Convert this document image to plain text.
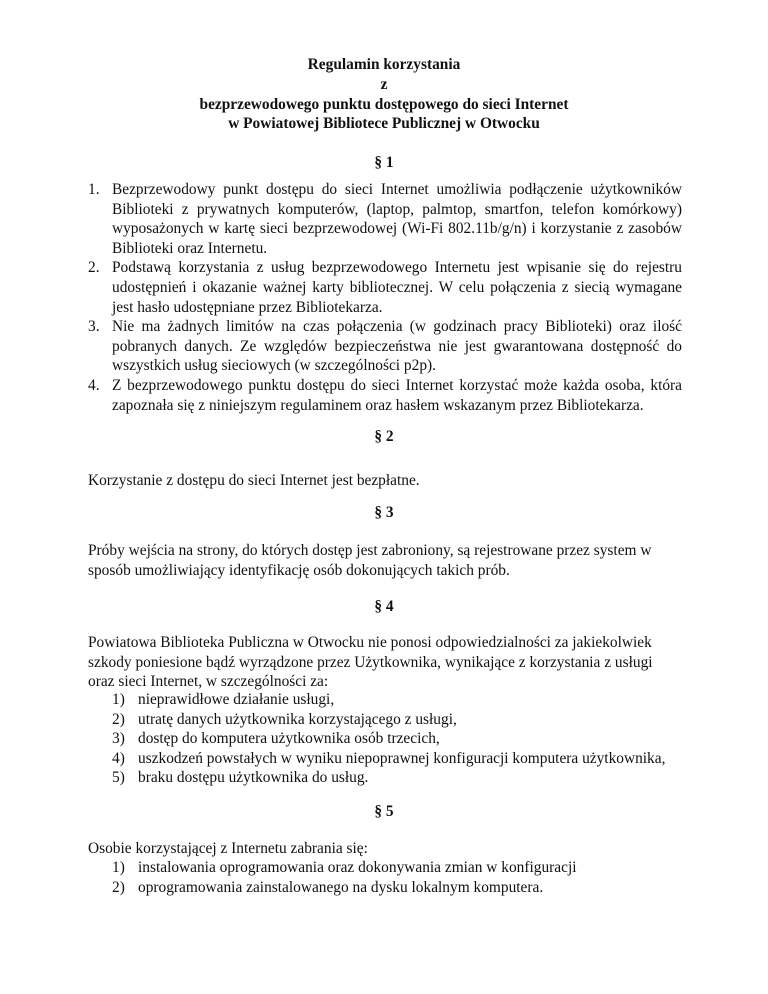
Regulamin korzystania
z
bezprzewodowego punktu dostępowego do sieci Internet
w Powiatowej Bibliotece Publicznej w Otwocku
§ 1
1. Bezprzewodowy punkt dostępu do sieci Internet umożliwia podłączenie użytkowników Biblioteki z prywatnych komputerów, (laptop, palmtop, smartfon, telefon komórkowy) wyposażonych w kartę sieci bezprzewodowej (Wi-Fi 802.11b/g/n) i korzystanie z zasobów Biblioteki oraz Internetu.
2. Podstawą korzystania z usług bezprzewodowego Internetu jest wpisanie się do rejestru udostępnień i okazanie ważnej karty bibliotecznej. W celu połączenia z siecią wymagane jest hasło udostępniane przez Bibliotekarza.
3. Nie ma żadnych limitów na czas połączenia (w godzinach pracy Biblioteki) oraz ilość pobranych danych. Ze względów bezpieczeństwa nie jest gwarantowana dostępność do wszystkich usług sieciowych (w szczególności p2p).
4. Z bezprzewodowego punktu dostępu do sieci Internet korzystać może każda osoba, która zapoznała się z niniejszym regulaminem oraz hasłem wskazanym przez Bibliotekarza.
§ 2
Korzystanie z dostępu do sieci Internet jest bezpłatne.
§ 3
Próby wejścia na strony, do których dostęp jest zabroniony, są rejestrowane przez system w sposób umożliwiający identyfikację osób dokonujących takich prób.
§ 4
Powiatowa Biblioteka Publiczna w Otwocku nie ponosi odpowiedzialności za jakiekolwiek szkody poniesione bądź wyrządzone przez Użytkownika, wynikające z korzystania z usługi oraz sieci Internet, w szczególności za:
1) nieprawidłowe działanie usługi,
2) utratę danych użytkownika korzystającego z usługi,
3) dostęp do komputera użytkownika osób trzecich,
4) uszkodzeń powstałych w wyniku niepoprawnej konfiguracji komputera użytkownika,
5) braku dostępu użytkownika do usług.
§ 5
Osobie korzystającej z Internetu zabrania się:
1) instalowania oprogramowania oraz dokonywania zmian w konfiguracji
2) oprogramowania zainstalowanego na dysku lokalnym komputera.
